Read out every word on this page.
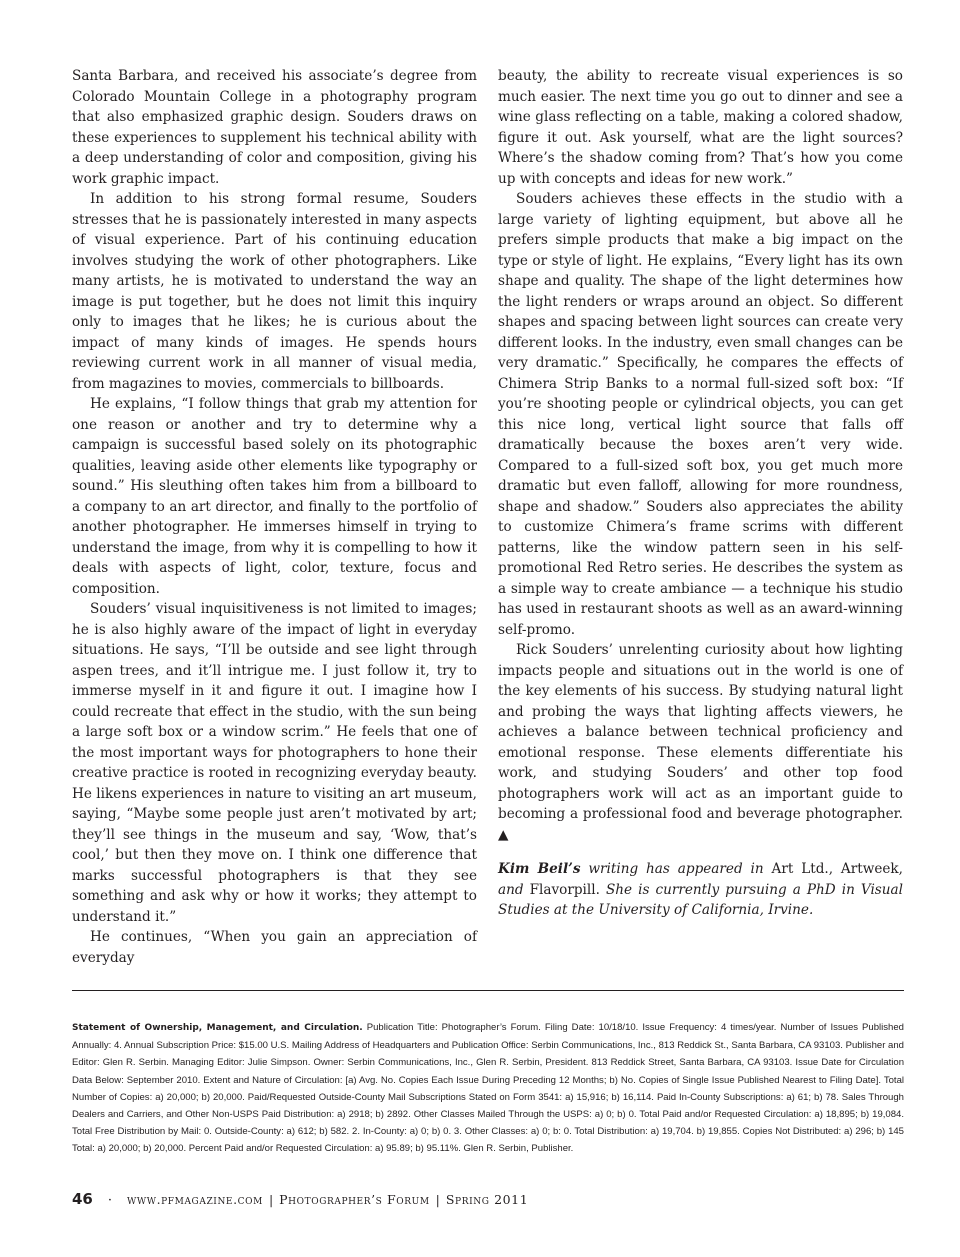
Santa Barbara, and received his associate’s degree from Colorado Mountain College in a photography program that also emphasized graphic design. Souders draws on these experiences to supplement his technical ability with a deep understanding of color and composition, giving his work graphic impact.

In addition to his strong formal resume, Souders stresses that he is passionately interested in many aspects of visual experience. Part of his continuing education involves studying the work of other photographers. Like many artists, he is motivated to understand the way an image is put together, but he does not limit this inquiry only to images that he likes; he is curious about the impact of many kinds of images. He spends hours reviewing current work in all manner of visual media, from magazines to movies, commercials to billboards.

He explains, “I follow things that grab my attention for one reason or another and try to determine why a campaign is successful based solely on its photographic qualities, leaving aside other elements like typography or sound.” His sleuthing often takes him from a billboard to a company to an art director, and finally to the portfolio of another photographer. He immerses himself in trying to understand the image, from why it is compelling to how it deals with aspects of light, color, texture, focus and composition.

Souders’ visual inquisitiveness is not limited to images; he is also highly aware of the impact of light in everyday situations. He says, “I’ll be outside and see light through aspen trees, and it’ll intrigue me. I just follow it, try to immerse myself in it and figure it out. I imagine how I could recreate that effect in the studio, with the sun being a large soft box or a window scrim.” He feels that one of the most important ways for photographers to hone their creative practice is rooted in recognizing everyday beauty. He likens experiences in nature to visiting an art museum, saying, “Maybe some people just aren’t motivated by art; they’ll see things in the museum and say, ‘Wow, that’s cool,’ but then they move on. I think one difference that marks successful photographers is that they see something and ask why or how it works; they attempt to understand it.”

He continues, “When you gain an appreciation of everyday

beauty, the ability to recreate visual experiences is so much easier. The next time you go out to dinner and see a wine glass reflecting on a table, making a colored shadow, figure it out. Ask yourself, what are the light sources? Where’s the shadow coming from? That’s how you come up with concepts and ideas for new work.”

Souders achieves these effects in the studio with a large variety of lighting equipment, but above all he prefers simple products that make a big impact on the type or style of light. He explains, “Every light has its own shape and quality. The shape of the light determines how the light renders or wraps around an object. So different shapes and spacing between light sources can create very different looks. In the industry, even small changes can be very dramatic.” Specifically, he compares the effects of Chimera Strip Banks to a normal full-sized soft box: “If you’re shooting people or cylindrical objects, you can get this nice long, vertical light source that falls off dramatically because the boxes aren’t very wide. Compared to a full-sized soft box, you get much more dramatic but even falloff, allowing for more roundness, shape and shadow.” Souders also appreciates the ability to customize Chimera’s frame scrims with different patterns, like the window pattern seen in his self-promotional Red Retro series. He describes the system as a simple way to create ambiance — a technique his studio has used in restaurant shoots as well as an award-winning self-promo.

Rick Souders’ unrelenting curiosity about how lighting impacts people and situations out in the world is one of the key elements of his success. By studying natural light and probing the ways that lighting affects viewers, he achieves a balance between technical proficiency and emotional response. These elements differentiate his work, and studying Souders’ and other top food photographers work will act as an important guide to becoming a professional food and beverage photographer. ▲

Kim Beil’s writing has appeared in Art Ltd., Artweek, and Flavorpill. She is currently pursuing a PhD in Visual Studies at the University of California, Irvine.

Statement of Ownership, Management, and Circulation. Publication Title: Photographer’s Forum. Filing Date: 10/18/10. Issue Frequency: 4 times/year. Number of Issues Published Annually: 4. Annual Subscription Price: $15.00 U.S. Mailing Address of Headquarters and Publication Office: Serbin Communications, Inc., 813 Reddick St., Santa Barbara, CA 93103. Publisher and Editor: Glen R. Serbin. Managing Editor: Julie Simpson. Owner: Serbin Communications, Inc., Glen R. Serbin, President. 813 Reddick Street, Santa Barbara, CA 93103. Issue Date for Circulation Data Below: September 2010. Extent and Nature of Circulation: [a) Avg. No. Copies Each Issue During Preceding 12 Months; b) No. Copies of Single Issue Published Nearest to Filing Date]. Total Number of Copies: a) 20,000; b) 20,000. Paid/Requested Outside-County Mail Subscriptions Stated on Form 3541: a) 15,916; b) 16,114. Paid In-County Subscriptions: a) 61; b) 78. Sales Through Dealers and Carriers, and Other Non-USPS Paid Distribution: a) 2918; b) 2892. Other Classes Mailed Through the USPS: a) 0; b) 0. Total Paid and/or Requested Circulation: a) 18,895; b) 19,084. Total Free Distribution by Mail: 0. Outside-County: a) 612; b) 582. 2. In-County: a) 0; b) 0. 3. Other Classes: a) 0; b: 0. Total Distribution: a) 19,704. b) 19,855. Copies Not Distributed: a) 296; b) 145 Total: a) 20,000; b) 20,000. Percent Paid and/or Requested Circulation: a) 95.89; b) 95.11%. Glen R. Serbin, Publisher.
46 · www.pfmagazine.com | Photographer’s Forum | Spring 2011
